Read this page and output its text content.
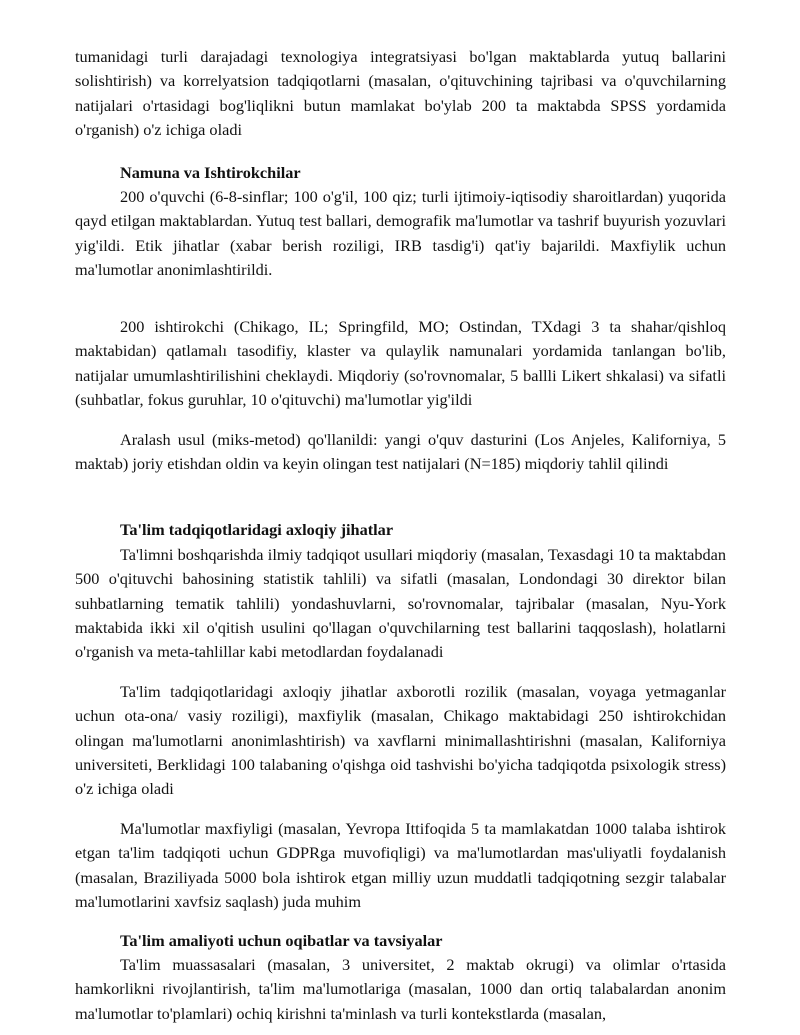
tumanidagi turli darajadagi texnologiya integratsiyasi bo'lgan maktablarda yutuq ballarini solishtirish) va korrelyatsion tadqiqotlarni (masalan, o'qituvchining tajribasi va o'quvchilarning natijalari o'rtasidagi bog'liqlikni butun mamlakat bo'ylab 200 ta maktabda SPSS yordamida o'rganish) o'z ichiga oladi

Namuna va Ishtirokchilar

200 o'quvchi (6-8-sinflar; 100 o'g'il, 100 qiz; turli ijtimoiy-iqtisodiy sharoitlardan) yuqorida qayd etilgan maktablardan. Yutuq test ballari, demografik ma'lumotlar va tashrif buyurish yozuvlari yig'ildi. Etik jihatlar (xabar berish roziligi, IRB tasdig'i) qat'iy bajarildi. Maxfiylik uchun ma'lumotlar anonimlashtirildi.

200 ishtirokchi (Chikago, IL; Springfild, MO; Ostindan, TXdagi 3 ta shahar/qishloq maktabidan) qatlamalı tasodifiy, klaster va qulaylik namunalari yordamida tanlangan bo'lib, natijalar umumlashtirilishini cheklaydi. Miqdoriy (so'rovnomalar, 5 ballli Likert shkalasi) va sifatli (suhbatlar, fokus guruhlar, 10 o'qituvchi) ma'lumotlar yig'ildi

Aralash usul (miks-metod) qo'llanildi: yangi o'quv dasturini (Los Anjeles, Kaliforniya, 5 maktab) joriy etishdan oldin va keyin olingan test natijalari (N=185) miqdoriy tahlil qilindi

Ta'lim tadqiqotlaridagi axloqiy jihatlar

Ta'limni boshqarishda ilmiy tadqiqot usullari miqdoriy (masalan, Texasdagi 10 ta maktabdan 500 o'qituvchi bahosining statistik tahlili) va sifatli (masalan, Londondagi 30 direktor bilan suhbatlarning tematik tahlili) yondashuvlarni, so'rovnomalar, tajribalar (masalan, Nyu-York maktabida ikki xil o'qitish usulini qo'llagan o'quvchilarning test ballarini taqqoslash), holatlarni o'rganish va meta-tahlillar kabi metodlardan foydalanadi

Ta'lim tadqiqotlaridagi axloqiy jihatlar axborotli rozilik (masalan, voyaga yetmaganlar uchun ota-ona/ vasiy roziligi), maxfiylik (masalan, Chikago maktabidagi 250 ishtirokchidan olingan ma'lumotlarni anonimlashtirish) va xavflarni minimallashtirishni (masalan, Kaliforniya universiteti, Berklidagi 100 talabaning o'qishga oid tashvishi bo'yicha tadqiqotda psixologik stress) o'z ichiga oladi

Ma'lumotlar maxfiyligi (masalan, Yevropa Ittifoqida 5 ta mamlakatdan 1000 talaba ishtirok etgan ta'lim tadqiqoti uchun GDPRga muvofiqligi) va ma'lumotlardan mas'uliyatli foydalanish (masalan, Braziliyada 5000 bola ishtirok etgan milliy uzun muddatli tadqiqotning sezgir talabalar ma'lumotlarini xavfsiz saqlash) juda muhim

Ta'lim amaliyoti uchun oqibatlar va tavsiyalar

Ta'lim muassasalari (masalan, 3 universitet, 2 maktab okrugi) va olimlar o'rtasida hamkorlikni rivojlantirish, ta'lim ma'lumotlariga (masalan, 1000 dan ortiq talabalardan anonim ma'lumotlar to'plamlari) ochiq kirishni ta'minlash va turli kontekstlarda (masalan,
